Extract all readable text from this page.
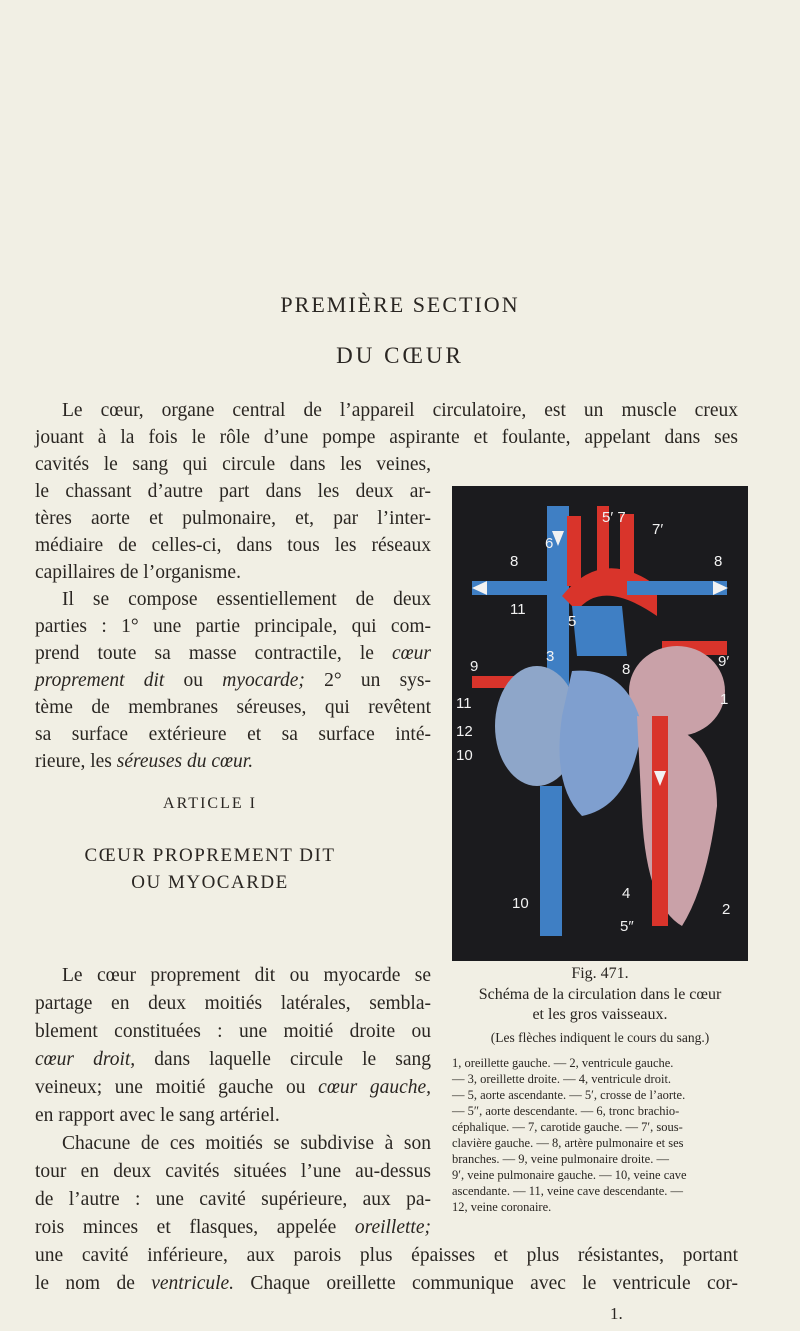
PREMIÈRE SECTION
DU CŒUR
Le cœur, organe central de l’appareil circulatoire, est un muscle creux
jouant à la fois le rôle d’une pompe aspirante et foulante, appelant dans ses
cavités le sang qui circule dans les veines,
le chassant d’autre part dans les deux ar-
tères aorte et pulmonaire, et, par l’inter-
médiaire de celles-ci, dans tous les réseaux
capillaires de l’organisme.
Il se compose essentiellement de deux
parties : 1° une partie principale, qui com-
prend toute sa masse contractile, le cœur
proprement dit ou myocarde; 2° un sys-
tème de membranes séreuses, qui revêtent
sa surface extérieure et sa surface inté-
rieure, les séreuses du cœur.
ARTICLE I
CŒUR PROPREMENT DIT
OU MYOCARDE
5′ 7
6
7′
8	8
11
5
3
8	9′
9
1
11
12
10
10
4
5″
2
Fig. 471.
Schéma de la circulation dans le cœur
et les gros vaisseaux.
(Les flèches indiquent le cours du sang.)
1, oreillette gauche. — 2, ventricule gauche.
— 3, oreillette droite. — 4, ventricule droit.
— 5, aorte ascendante. — 5′, crosse de l’aorte.
— 5″, aorte descendante. — 6, tronc brachio-
céphalique. — 7, carotide gauche. — 7′, sous-
clavière gauche. — 8, artère pulmonaire et ses
branches. — 9, veine pulmonaire droite. —
9′, veine pulmonaire gauche. — 10, veine cave
ascendante. — 11, veine cave descendante. —
12, veine coronaire.
Le cœur proprement dit ou myocarde se
partage en deux moitiés latérales, sembla-
blement constituées : une moitié droite ou
cœur droit, dans laquelle circule le sang
veineux; une moitié gauche ou cœur gauche,
en rapport avec le sang artériel.
Chacune de ces moitiés se subdivise à son
tour en deux cavités situées l’une au-dessus
de l’autre : une cavité supérieure, aux pa-
rois minces et flasques, appelée oreillette;
une cavité inférieure, aux parois plus épaisses et plus résistantes, portant
le nom de ventricule. Chaque oreillette communique avec le ventricule cor-
1.
